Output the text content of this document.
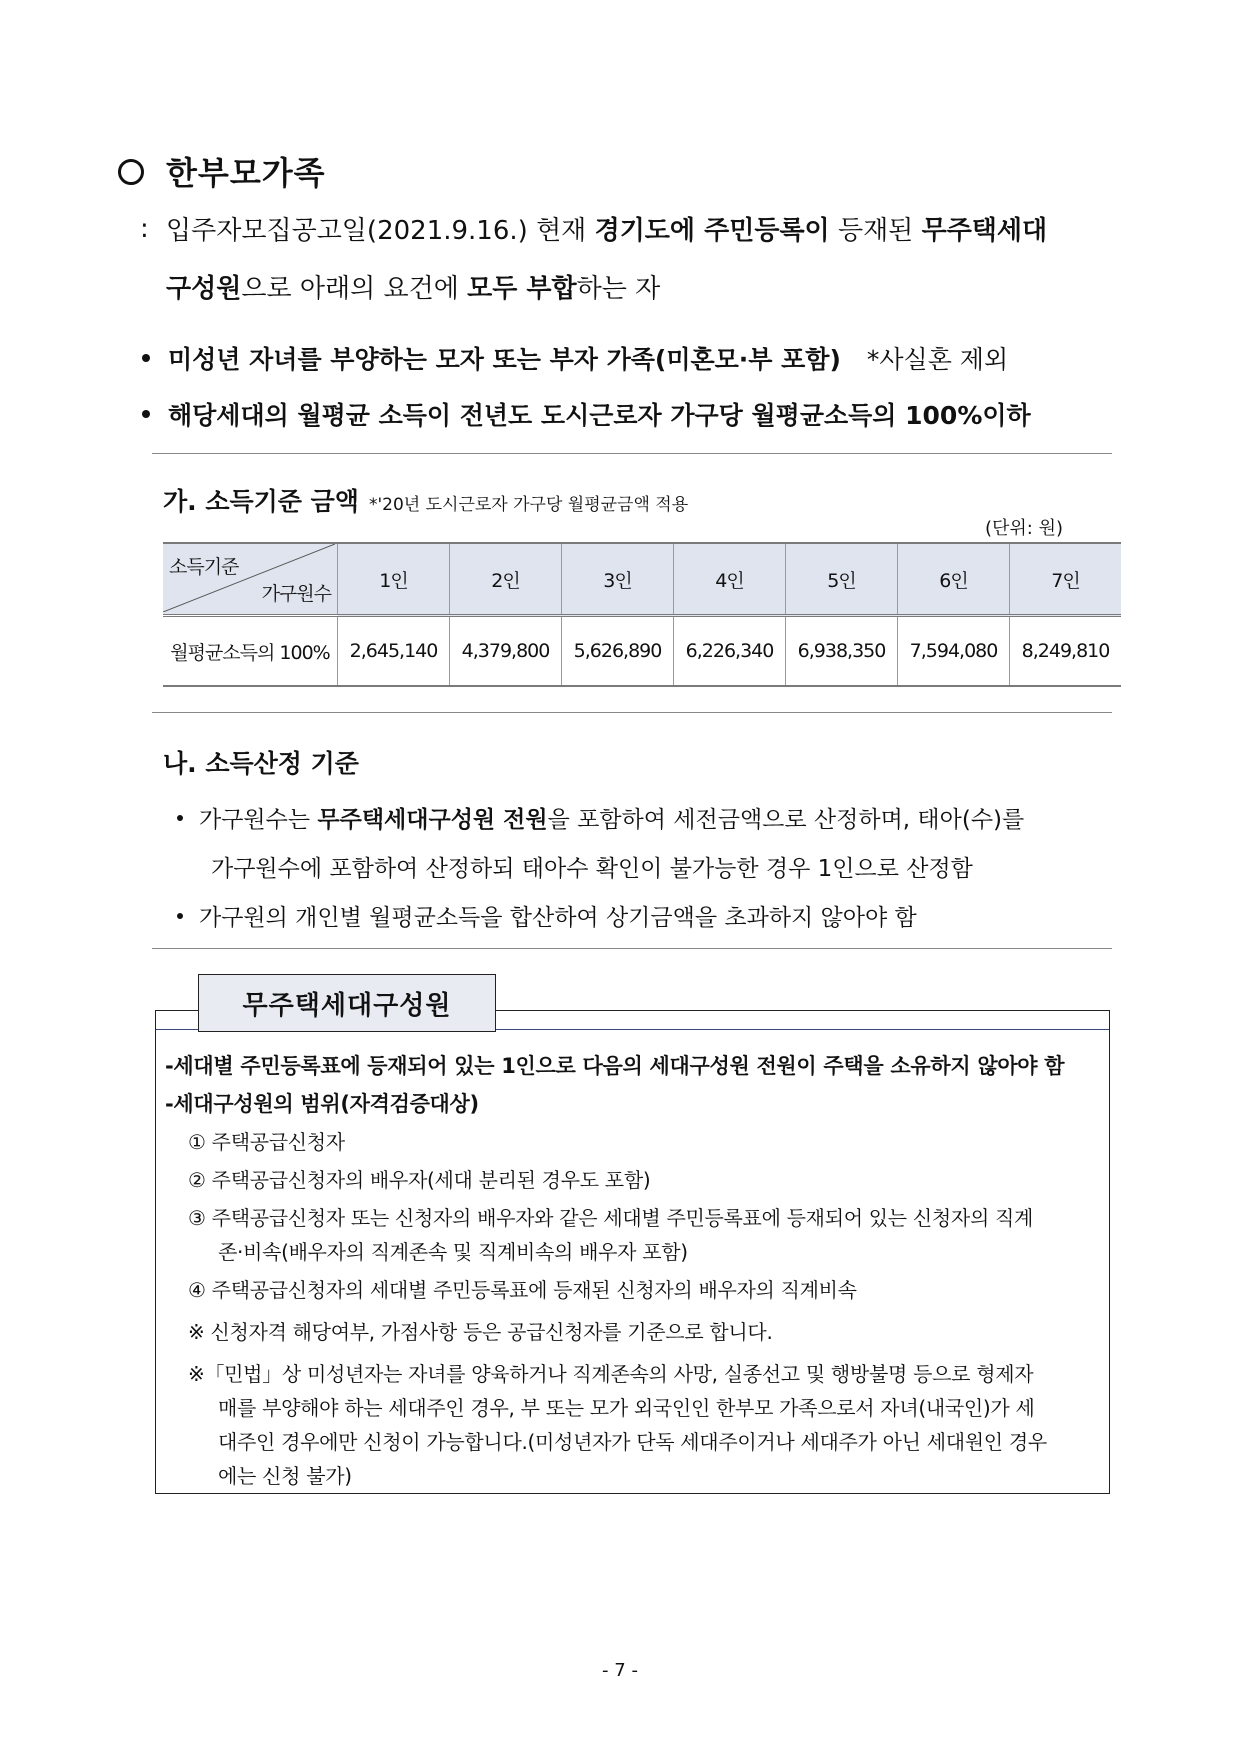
한부모가족
: 입주자모집공고일(2021.9.16.) 현재 경기도에 주민등록이 등재된 무주택세대
구성원으로 아래의 요건에 모두 부합하는 자
미성년 자녀를 부양하는 모자 또는 부자 가족(미혼모·부 포함) *사실혼 제외
해당세대의 월평균 소득이 전년도 도시근로자 가구당 월평균소득의 100%이하
가. 소득기준 금액 *'20년 도시근로자 가구당 월평균금액 적용
(단위: 원)
소득기준
가구원수	1인	2인	3인	4인	5인	6인	7인
월평균소득의 100%	2,645,140	4,379,800	5,626,890	6,226,340	6,938,350	7,594,080	8,249,810
나. 소득산정 기준
가구원수는 무주택세대구성원 전원을 포함하여 세전금액으로 산정하며, 태아(수)를
가구원수에 포함하여 산정하되 태아수 확인이 불가능한 경우 1인으로 산정함
가구원의 개인별 월평균소득을 합산하여 상기금액을 초과하지 않아야 함
무주택세대구성원
-세대별 주민등록표에 등재되어 있는 1인으로 다음의 세대구성원 전원이 주택을 소유하지 않아야 함
-세대구성원의 범위(자격검증대상)
① 주택공급신청자
② 주택공급신청자의 배우자(세대 분리된 경우도 포함)
③ 주택공급신청자 또는 신청자의 배우자와 같은 세대별 주민등록표에 등재되어 있는 신청자의 직계
존·비속(배우자의 직계존속 및 직계비속의 배우자 포함)
④ 주택공급신청자의 세대별 주민등록표에 등재된 신청자의 배우자의 직계비속
※ 신청자격 해당여부, 가점사항 등은 공급신청자를 기준으로 합니다.
※「민법」상 미성년자는 자녀를 양육하거나 직계존속의 사망, 실종선고 및 행방불명 등으로 형제자
매를 부양해야 하는 세대주인 경우, 부 또는 모가 외국인인 한부모 가족으로서 자녀(내국인)가 세
대주인 경우에만 신청이 가능합니다.(미성년자가 단독 세대주이거나 세대주가 아닌 세대원인 경우
에는 신청 불가)
- 7 -
